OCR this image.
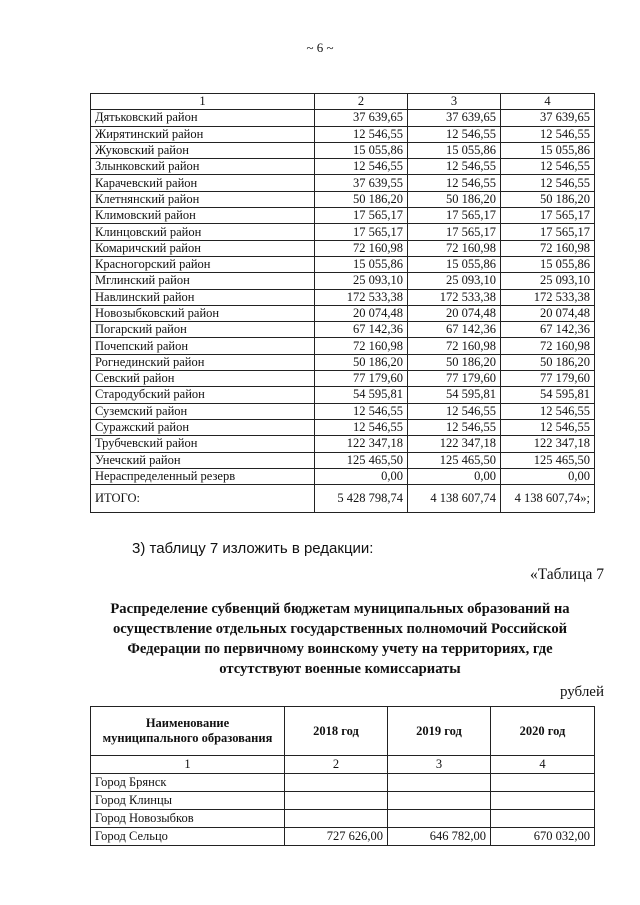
~ 6 ~
1	2	3	4
Дятьковский район	37 639,65	37 639,65	37 639,65
Жирятинский район	12 546,55	12 546,55	12 546,55
Жуковский район	15 055,86	15 055,86	15 055,86
Злынковский район	12 546,55	12 546,55	12 546,55
Карачевский район	37 639,55	12 546,55	12 546,55
Клетнянский район	50 186,20	50 186,20	50 186,20
Климовский район	17 565,17	17 565,17	17 565,17
Клинцовский район	17 565,17	17 565,17	17 565,17
Комаричский район	72 160,98	72 160,98	72 160,98
Красногорский район	15 055,86	15 055,86	15 055,86
Мглинский район	25 093,10	25 093,10	25 093,10
Навлинский район	172 533,38	172 533,38	172 533,38
Новозыбковский район	20 074,48	20 074,48	20 074,48
Погарский район	67 142,36	67 142,36	67 142,36
Почепский район	72 160,98	72 160,98	72 160,98
Рогнединский район	50 186,20	50 186,20	50 186,20
Севский район	77 179,60	77 179,60	77 179,60
Стародубский район	54 595,81	54 595,81	54 595,81
Суземский район	12 546,55	12 546,55	12 546,55
Суражский район	12 546,55	12 546,55	12 546,55
Трубчевский район	122 347,18	122 347,18	122 347,18
Унечский район	125 465,50	125 465,50	125 465,50
Нераспределенный резерв	0,00	0,00	0,00
ИТОГО:	5 428 798,74	4 138 607,74	4 138 607,74»;
3) таблицу 7 изложить в редакции:
«Таблица 7
Распределение субвенций бюджетам муниципальных образований на
осуществление отдельных государственных полномочий Российской
Федерации по первичному воинскому учету на территориях, где
отсутствуют военные комиссариаты
рублей
Наименование
муниципального образования	2018 год	2019 год	2020 год
1	2	3	4
Город Брянск			
Город Клинцы			
Город Новозыбков			
Город Сельцо	727 626,00	646 782,00	670 032,00
